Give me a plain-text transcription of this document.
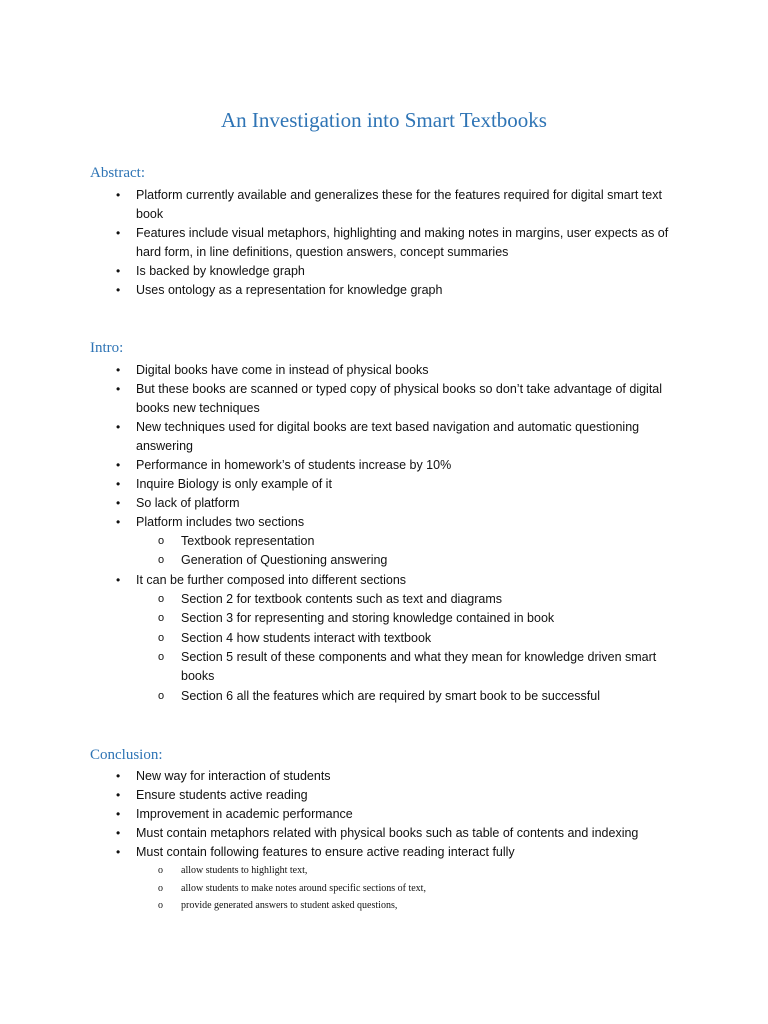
An Investigation into Smart Textbooks
Abstract:
• Platform currently available and generalizes these for the features required for digital smart text book
• Features include visual metaphors, highlighting and making notes in margins, user expects as of hard form, in line definitions, question answers, concept summaries
• Is backed by knowledge graph
• Uses ontology as a representation for knowledge graph
Intro:
• Digital books have come in instead of physical books
• But these books are scanned or typed copy of physical books so don’t take advantage of digital books new techniques
• New techniques used for digital books are text based navigation and automatic questioning answering
• Performance in homework’s of students increase by 10%
• Inquire Biology is only example of it
• So lack of platform
• Platform includes two sections
o Textbook representation
o Generation of Questioning answering
• It can be further composed into different sections
o Section 2 for textbook contents such as text and diagrams
o Section 3 for representing and storing knowledge contained in book
o Section 4 how students interact with textbook
o Section 5 result of these components and what they mean for knowledge driven smart books
o Section 6 all the features which are required by smart book to be successful
Conclusion:
• New way for interaction of students
• Ensure students active reading
• Improvement in academic performance
• Must contain metaphors related with physical books such as table of contents and indexing
• Must contain following features to ensure active reading interact fully
o allow students to highlight text,
o allow students to make notes around specific sections of text,
o provide generated answers to student asked questions,
